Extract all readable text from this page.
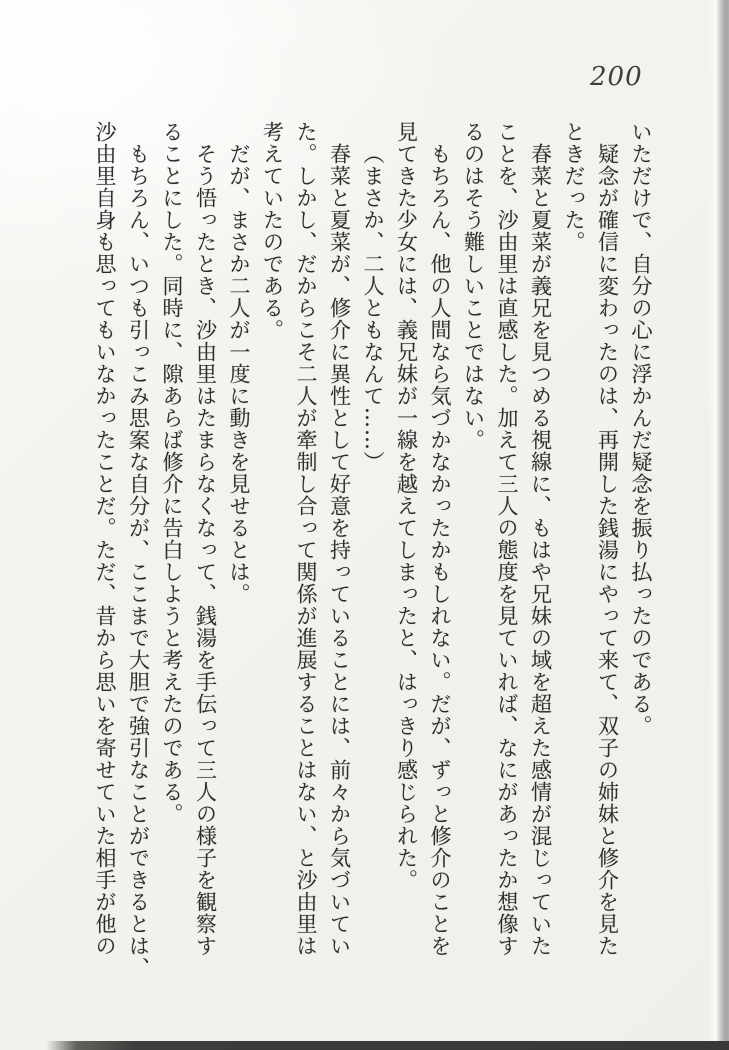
200
いただけで、自分の心に浮かんだ疑念を振り払ったのである。
疑念が確信に変わったのは、再開した銭湯にやって来て、双子の姉妹と修介を見た
ときだった。
春菜と夏菜が義兄を見つめる視線に、もはや兄妹の域を超えた感情が混じっていた
ことを、沙由里は直感した。加えて三人の態度を見ていれば、なにがあったか想像す
るのはそう難しいことではない。
もちろん、他の人間なら気づかなかったかもしれない。だが、ずっと修介のことを
見てきた少女には、義兄妹が一線を越えてしまったと、はっきり感じられた。
（まさか、二人ともなんて……）
春菜と夏菜が、修介に異性として好意を持っていることには、前々から気づいてい
た。しかし、だからこそ二人が牽制し合って関係が進展することはない、と沙由里は
考えていたのである。
だが、まさか二人が一度に動きを見せるとは。
そう悟ったとき、沙由里はたまらなくなって、銭湯を手伝って三人の様子を観察す
ることにした。同時に、隙あらば修介に告白しようと考えたのである。
もちろん、いつも引っこみ思案な自分が、ここまで大胆で強引なことができるとは、
沙由里自身も思ってもいなかったことだ。ただ、昔から思いを寄せていた相手が他の
